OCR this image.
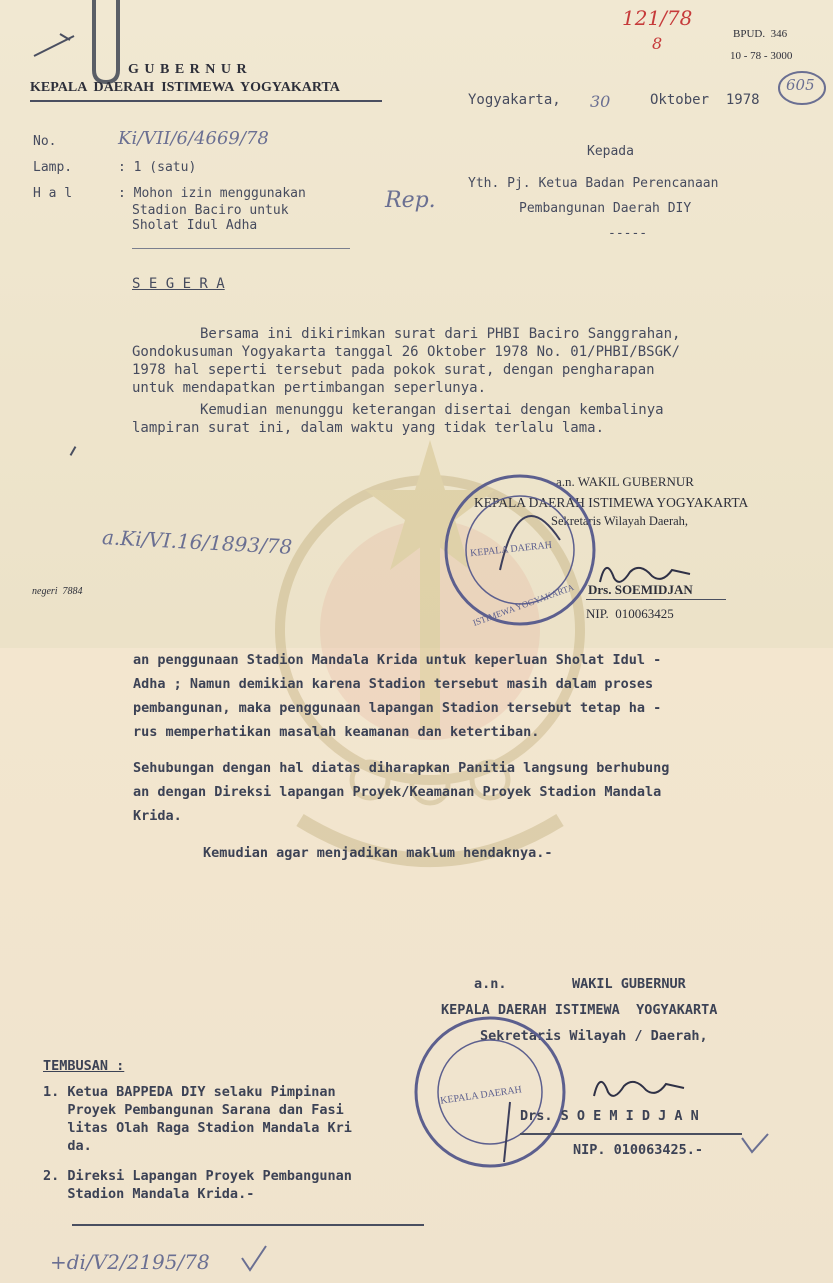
G U B E R N U R
KEPALA  DAERAH  ISTIMEWA  YOGYAKARTA
Yogyakarta, 30	Oktober  1978
BPUD.  346
10 - 78 - 3000
121/78
8
605
No.	Ki/VII/6/4669/78
Lamp.	: 1 (satu)
H a l	: Mohon izin menggunakan
Stadion Baciro untuk
Sholat Idul Adha
Rep.
Kepada
Yth. Pj. Ketua Badan Perencanaan
Pembangunan Daerah DIY
-----
S E G E R A
Bersama ini dikirimkan surat dari PHBI Baciro Sanggrahan,
Gondokusuman Yogyakarta tanggal 26 Oktober 1978 No. 01/PHBI/BSGK/
1978 hal seperti tersebut pada pokok surat, dengan pengharapan
untuk mendapatkan pertimbangan seperlunya.
Kemudian menunggu keterangan disertai dengan kembalinya
lampiran surat ini, dalam waktu yang tidak terlalu lama.
a.n. WAKIL GUBERNUR
KEPALA DAERAH ISTIMEWA YOGYAKARTA
Sekretaris Wilayah Daerah,
KEPALA DAERAH
ISTIMEWA YOGYAKARTA Drs. SOEMIDJAN
NIP.  010063425
a.Ki/VI.16/1893/78
negeri  7884
an penggunaan Stadion Mandala Krida untuk keperluan Sholat Idul -
Adha ; Namun demikian karena Stadion tersebut masih dalam proses
pembangunan, maka penggunaan lapangan Stadion tersebut tetap ha -
rus memperhatikan masalah keamanan dan ketertiban.
Sehubungan dengan hal diatas diharapkan Panitia langsung berhubung
an dengan Direksi lapangan Proyek/Keamanan Proyek Stadion Mandala
Krida.
Kemudian agar menjadikan maklum hendaknya.-
a.n.	WAKIL GUBERNUR
KEPALA DAERAH ISTIMEWA  YOGYAKARTA
Sekretaris Wilayah / Daerah,
KEPALA DAERAH
Drs. S O E M I D J A N
NIP. 010063425.-
TEMBUSAN :
1. Ketua BAPPEDA DIY selaku Pimpinan
Proyek Pembangunan Sarana dan Fasi
litas Olah Raga Stadion Mandala Kri
da.
2. Direksi Lapangan Proyek Pembangunan
Stadion Mandala Krida.-
+di/V2/2195/78
